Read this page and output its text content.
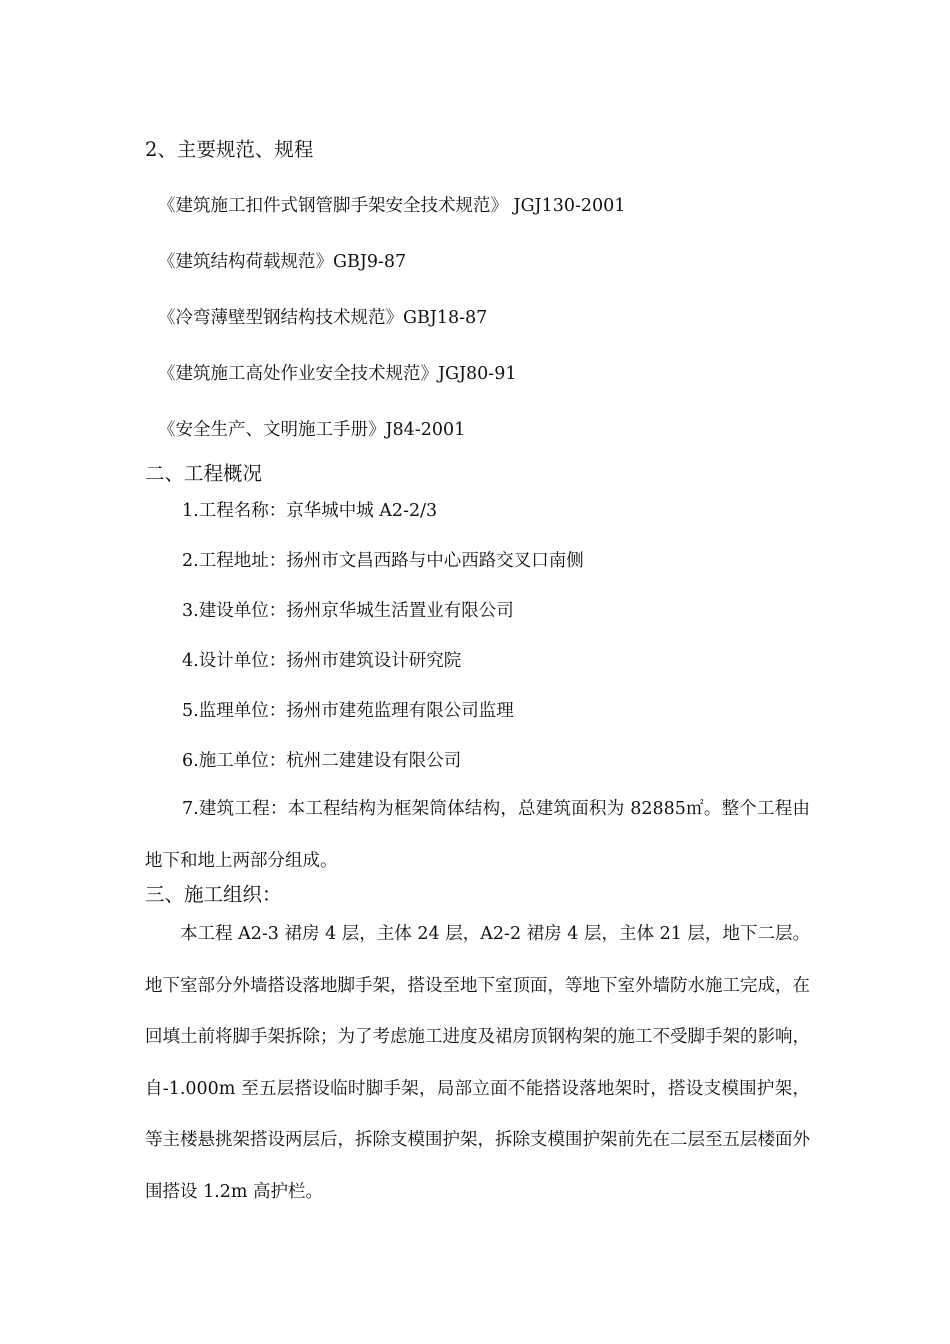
2、主要规范、规程
《建筑施工扣件式钢管脚手架安全技术规范》 JGJ130-2001
《建筑结构荷载规范》GBJ9-87
《冷弯薄壁型钢结构技术规范》GBJ18-87
《建筑施工高处作业安全技术规范》JGJ80-91
《安全生产、文明施工手册》J84-2001
二、工程概况
1.工程名称：京华城中城 A2-2/3
2.工程地址：扬州市文昌西路与中心西路交叉口南侧
3.建设单位：扬州京华城生活置业有限公司
4.设计单位：扬州市建筑设计研究院
5.监理单位：扬州市建苑监理有限公司监理
6.施工单位：杭州二建建设有限公司
7.建筑工程：本工程结构为框架筒体结构，总建筑面积为 82885㎡。整个工程由地下和地上两部分组成。
三、施工组织：
本工程 A2-3 裙房 4 层，主体 24 层，A2-2 裙房 4 层，主体 21 层，地下二层。地下室部分外墙搭设落地脚手架，搭设至地下室顶面，等地下室外墙防水施工完成，在回填土前将脚手架拆除；为了考虑施工进度及裙房顶钢构架的施工不受脚手架的影响，自-1.000m 至五层搭设临时脚手架，局部立面不能搭设落地架时，搭设支模围护架，等主楼悬挑架搭设两层后，拆除支模围护架，拆除支模围护架前先在二层至五层楼面外围搭设 1.2m 高护栏。
